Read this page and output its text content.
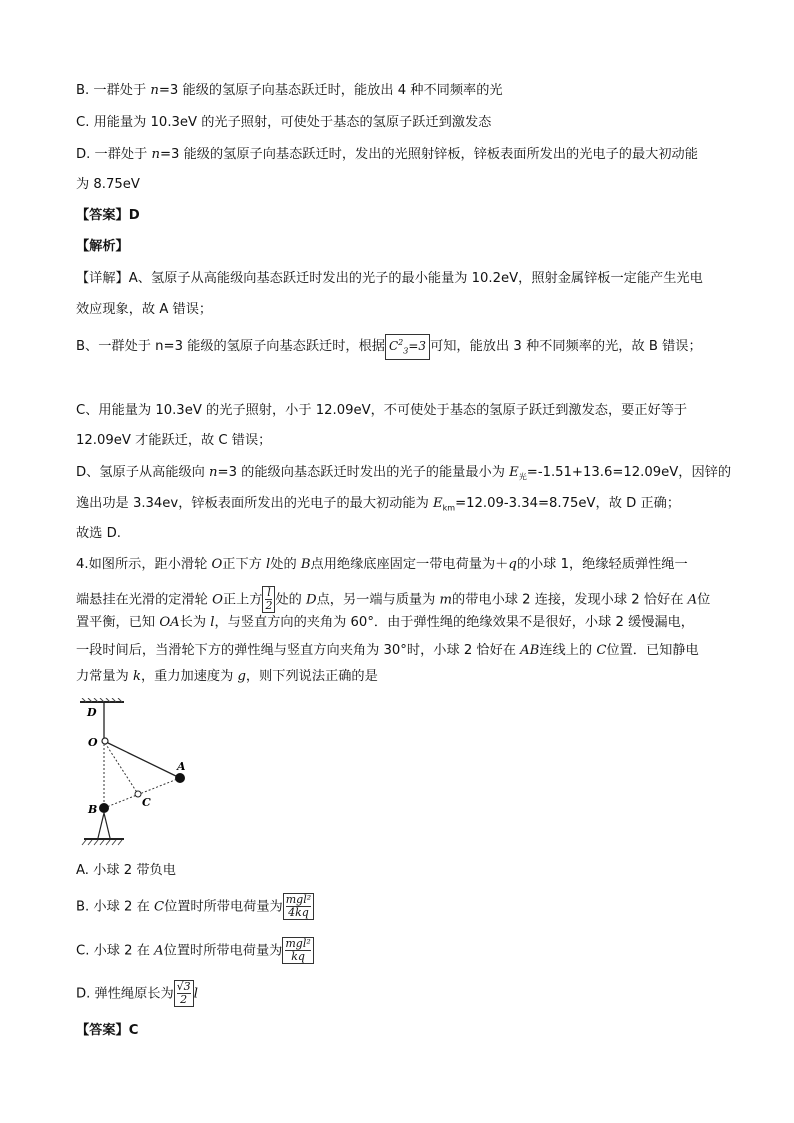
B. 一群处于 n=3 能级的氢原子向基态跃迁时，能放出 4 种不同频率的光
C. 用能量为 10.3eV 的光子照射，可使处于基态的氢原子跃迁到激发态
D. 一群处于 n=3 能级的氢原子向基态跃迁时，发出的光照射锌板，锌板表面所发出的光电子的最大初动能
为 8.75eV
【答案】D
【解析】
【详解】A、氢原子从高能级向基态跃迁时发出的光子的最小能量为 10.2eV，照射金属锌板一定能产生光电
效应现象，故 A 错误；
B、一群处于 n=3 能级的氢原子向基态跃迁时，根据 $C^2_3=3$ 可知，能放出 3 种不同频率的光，故 B 错误；
C、用能量为 10.3eV 的光子照射，小于 12.09eV，不可使处于基态的氢原子跃迁到激发态，要正好等于
12.09eV 才能跃迁，故 C 错误；
D、氢原子从高能级向 n=3 的能级向基态跃迁时发出的光子的能量最小为 $E_光=-1.51+13.6=12.09eV$，因锌的
逸出功是 3.34ev，锌板表面所发出的光电子的最大初动能为 $E_{km}=12.09-3.34=8.75eV$，故 D 正确；
故选 D.
4.如图所示，距小滑轮 O正下方 l处的 B点用绝缘底座固定一带电荷量为＋q的小球 1，绝缘轻质弹性绳一
端悬挂在光滑的定滑轮 O正上方 $\frac{l}{2}$ 处的 D点，另一端与质量为 m的带电小球 2 连接，发现小球 2 恰好在 A位
置平衡，已知 OA长为 l，与竖直方向的夹角为 60°．由于弹性绳的绝缘效果不是很好，小球 2 缓慢漏电，
一段时间后，当滑轮下方的弹性绳与竖直方向夹角为 30°时，小球 2 恰好在 AB连线上的 C位置．已知静电
力常量为 k，重力加速度为 g，则下列说法正确的是
D
O
A
B
C
A. 小球 2 带负电
B. 小球 2 在 C位置时所带电荷量为 $\frac{\text{mgl²}}{4kq}$
C. 小球 2 在 A位置时所带电荷量为 $\frac{\text{mgl²}}{kq}$
D. 弹性绳原长为 $\frac{√3}{2}$ l
【答案】C
